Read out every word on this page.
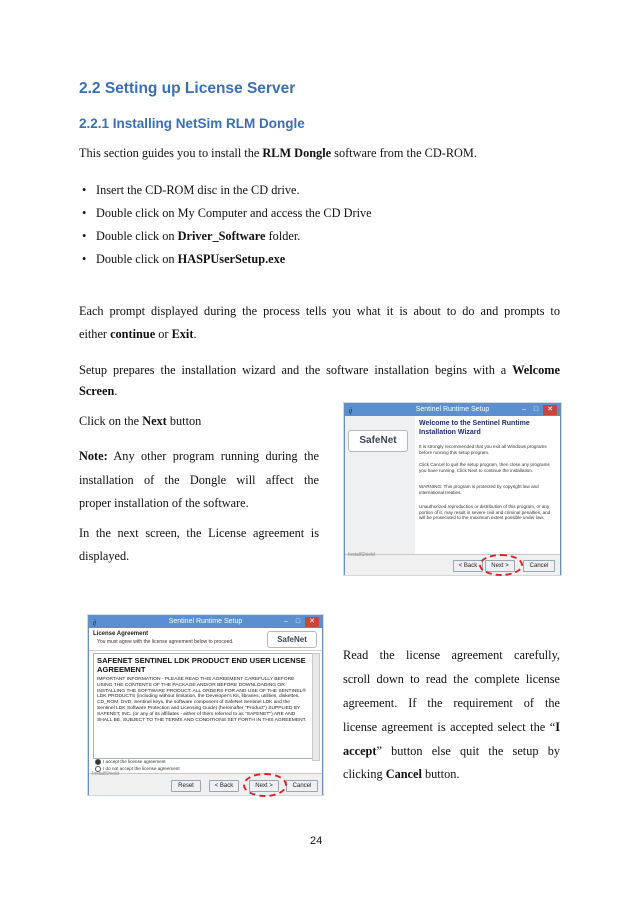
2.2 Setting up License Server
2.2.1 Installing NetSim RLM Dongle
This section guides you to install the RLM Dongle software from the CD-ROM.
• Insert the CD-ROM disc in the CD drive.
• Double click on My Computer and access the CD Drive
• Double click on Driver_Software folder.
• Double click on HASPUserSetup.exe
Each prompt displayed during the process tells you what it is about to do and prompts to
either continue or Exit.
Setup prepares the installation wizard and the software installation begins with a Welcome
Screen.
Click on the Next button
Note: Any other program running during the
installation of the Dongle will affect the
proper installation of the software.
In the next screen, the License agreement is
displayed.
ij	Sentinel Runtime Setup	–	□	✕
SafeNet
Welcome to the Sentinel Runtime Installation Wizard
It is strongly recommended that you exit all Windows programs before running this setup program.
Click Cancel to quit the setup program, then close any programs you have running. Click Next to continue the installation.
WARNING: This program is protected by copyright law and international treaties.
Unauthorized reproduction or distribution of this program, or any portion of it, may result in severe civil and criminal penalties, and will be prosecuted to the maximum extent possible under law.
InstallShield
< Back	Next >	Cancel
ij	Sentinel Runtime Setup	–	□	✕
License Agreement
You must agree with the license agreement below to proceed.	SafeNet
SAFENET SENTINEL LDK PRODUCT END USER LICENSE AGREEMENT
IMPORTANT INFORMATION - PLEASE READ THIS AGREEMENT CAREFULLY BEFORE USING THE CONTENTS OF THE PACKAGE AND/OR BEFORE DOWNLOADING OR INSTALLING THE SOFTWARE PRODUCT. ALL ORDERS FOR AND USE OF THE SENTINEL® LDK PRODUCTS (including without limitation, the Developer's Kit, libraries, utilities, diskettes, CD_ROM, DVD, Sentinel keys, the software component of SafeNet Sentinel LDK and the Sentinel LDK Software Protection and Licensing Guide) (hereinafter "Product") SUPPLIED BY SAFENET, INC. (or any of its affiliates - either of them referred to as "SAFENET") ARE AND SHALL BE, SUBJECT TO THE TERMS AND CONDITIONS SET FORTH IN THIS AGREEMENT.
I accept the license agreement
I do not accept the license agreement
InstallShield
Reset	< Back	Next >	Cancel
Read the license agreement carefully,
scroll down to read the complete license
agreement. If the requirement of the
license agreement is accepted select the “I
accept” button else quit the setup by
clicking Cancel button.
24
